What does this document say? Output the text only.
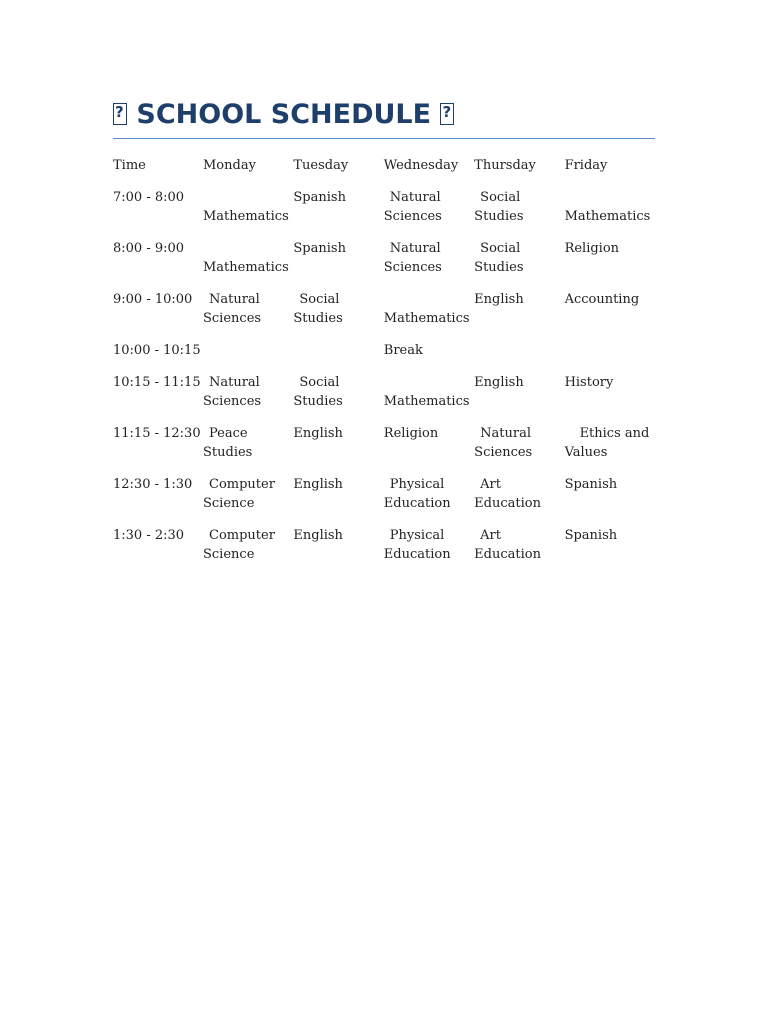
? SCHOOL SCHEDULE ?
Time	Monday	Tuesday	Wednesday	Thursday	Friday
7:00 - 8:00	Mathematics	Spanish	Natural Sciences	Social Studies	Mathematics
8:00 - 9:00	Mathematics	Spanish	Natural Sciences	Social Studies	Religion
9:00 - 10:00	Natural Sciences	Social Studies	Mathematics	English	Accounting
10:00 - 10:15			Break		
10:15 - 11:15	Natural Sciences	Social Studies	Mathematics	English	History
11:15 - 12:30	Peace Studies	English	Religion	Natural Sciences	Ethics and Values
12:30 - 1:30	Computer Science	English	Physical Education	Art Education	Spanish
1:30 - 2:30	Computer Science	English	Physical Education	Art Education	Spanish
